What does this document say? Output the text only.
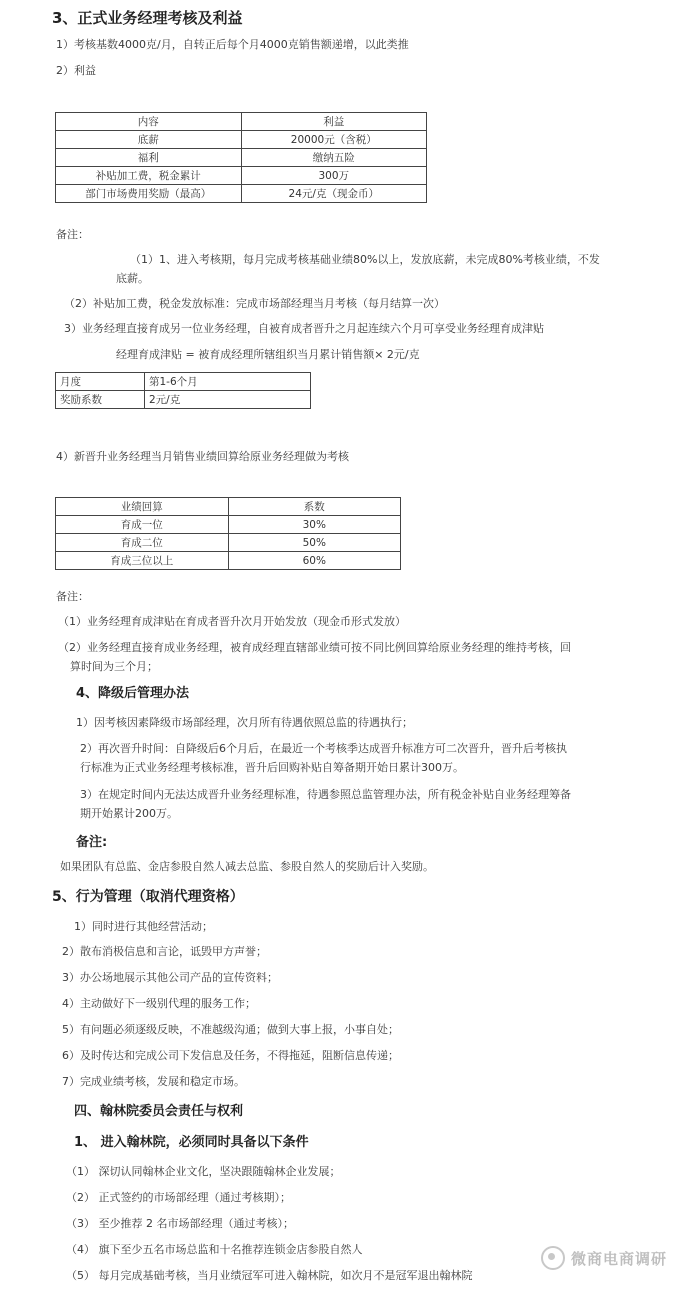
3、正式业务经理考核及利益
1）考核基数4000克/月，自转正后每个月4000克销售额递增，以此类推
2）利益
内容	利益
底薪	20000元（含税）
福利	缴纳五险
补贴加工费，税金累计	300万
部门市场费用奖励（最高）	24元/克（现金币）
备注：
（1）1、进入考核期，每月完成考核基础业绩80%以上，发放底薪，未完成80%考核业绩，不发
底薪。
（2）补贴加工费，税金发放标准：完成市场部经理当月考核（每月结算一次）
3）业务经理直接育成另一位业务经理，自被育成者晋升之月起连续六个月可享受业务经理育成津贴
经理育成津贴 = 被育成经理所辖组织当月累计销售额× 2元/克
月度	第1-6个月
奖励系数	2元/克
4）新晋升业务经理当月销售业绩回算给原业务经理做为考核
业绩回算	系数
育成一位	30%
育成二位	50%
育成三位以上	60%
备注：
（1）业务经理育成津贴在育成者晋升次月开始发放（现金币形式发放）
（2）业务经理直接育成业务经理，被育成经理直辖部业绩可按不同比例回算给原业务经理的维持考核，回
算时间为三个月；
4、降级后管理办法
1）因考核因素降级市场部经理，次月所有待遇依照总监的待遇执行；
2）再次晋升时间：自降级后6个月后，在最近一个考核季达成晋升标准方可二次晋升，晋升后考核执
行标准为正式业务经理考核标准，晋升后回购补贴自筹备期开始日累计300万。
3）在规定时间内无法达成晋升业务经理标准，待遇参照总监管理办法，所有税金补贴自业务经理筹备
期开始累计200万。
备注:
如果团队有总监、金店参股自然人减去总监、参股自然人的奖励后计入奖励。
5、行为管理（取消代理资格）
1）同时进行其他经营活动；
2）散布消极信息和言论，诋毁甲方声誉；
3）办公场地展示其他公司产品的宣传资料；
4）主动做好下一级别代理的服务工作；
5）有问题必须逐级反映，不准越级沟通；做到大事上报，小事自处；
6）及时传达和完成公司下发信息及任务，不得拖延，阻断信息传递；
7）完成业绩考核，发展和稳定市场。
四、翰林院委员会责任与权利
1、 进入翰林院，必须同时具备以下条件
（1） 深切认同翰林企业文化，坚决跟随翰林企业发展；
（2） 正式签约的市场部经理（通过考核期）；
（3） 至少推荐 2 名市场部经理（通过考核）；
（4） 旗下至少五名市场总监和十名推荐连锁金店参股自然人
（5） 每月完成基础考核，当月业绩冠军可进入翰林院，如次月不是冠军退出翰林院
微商电商调研
